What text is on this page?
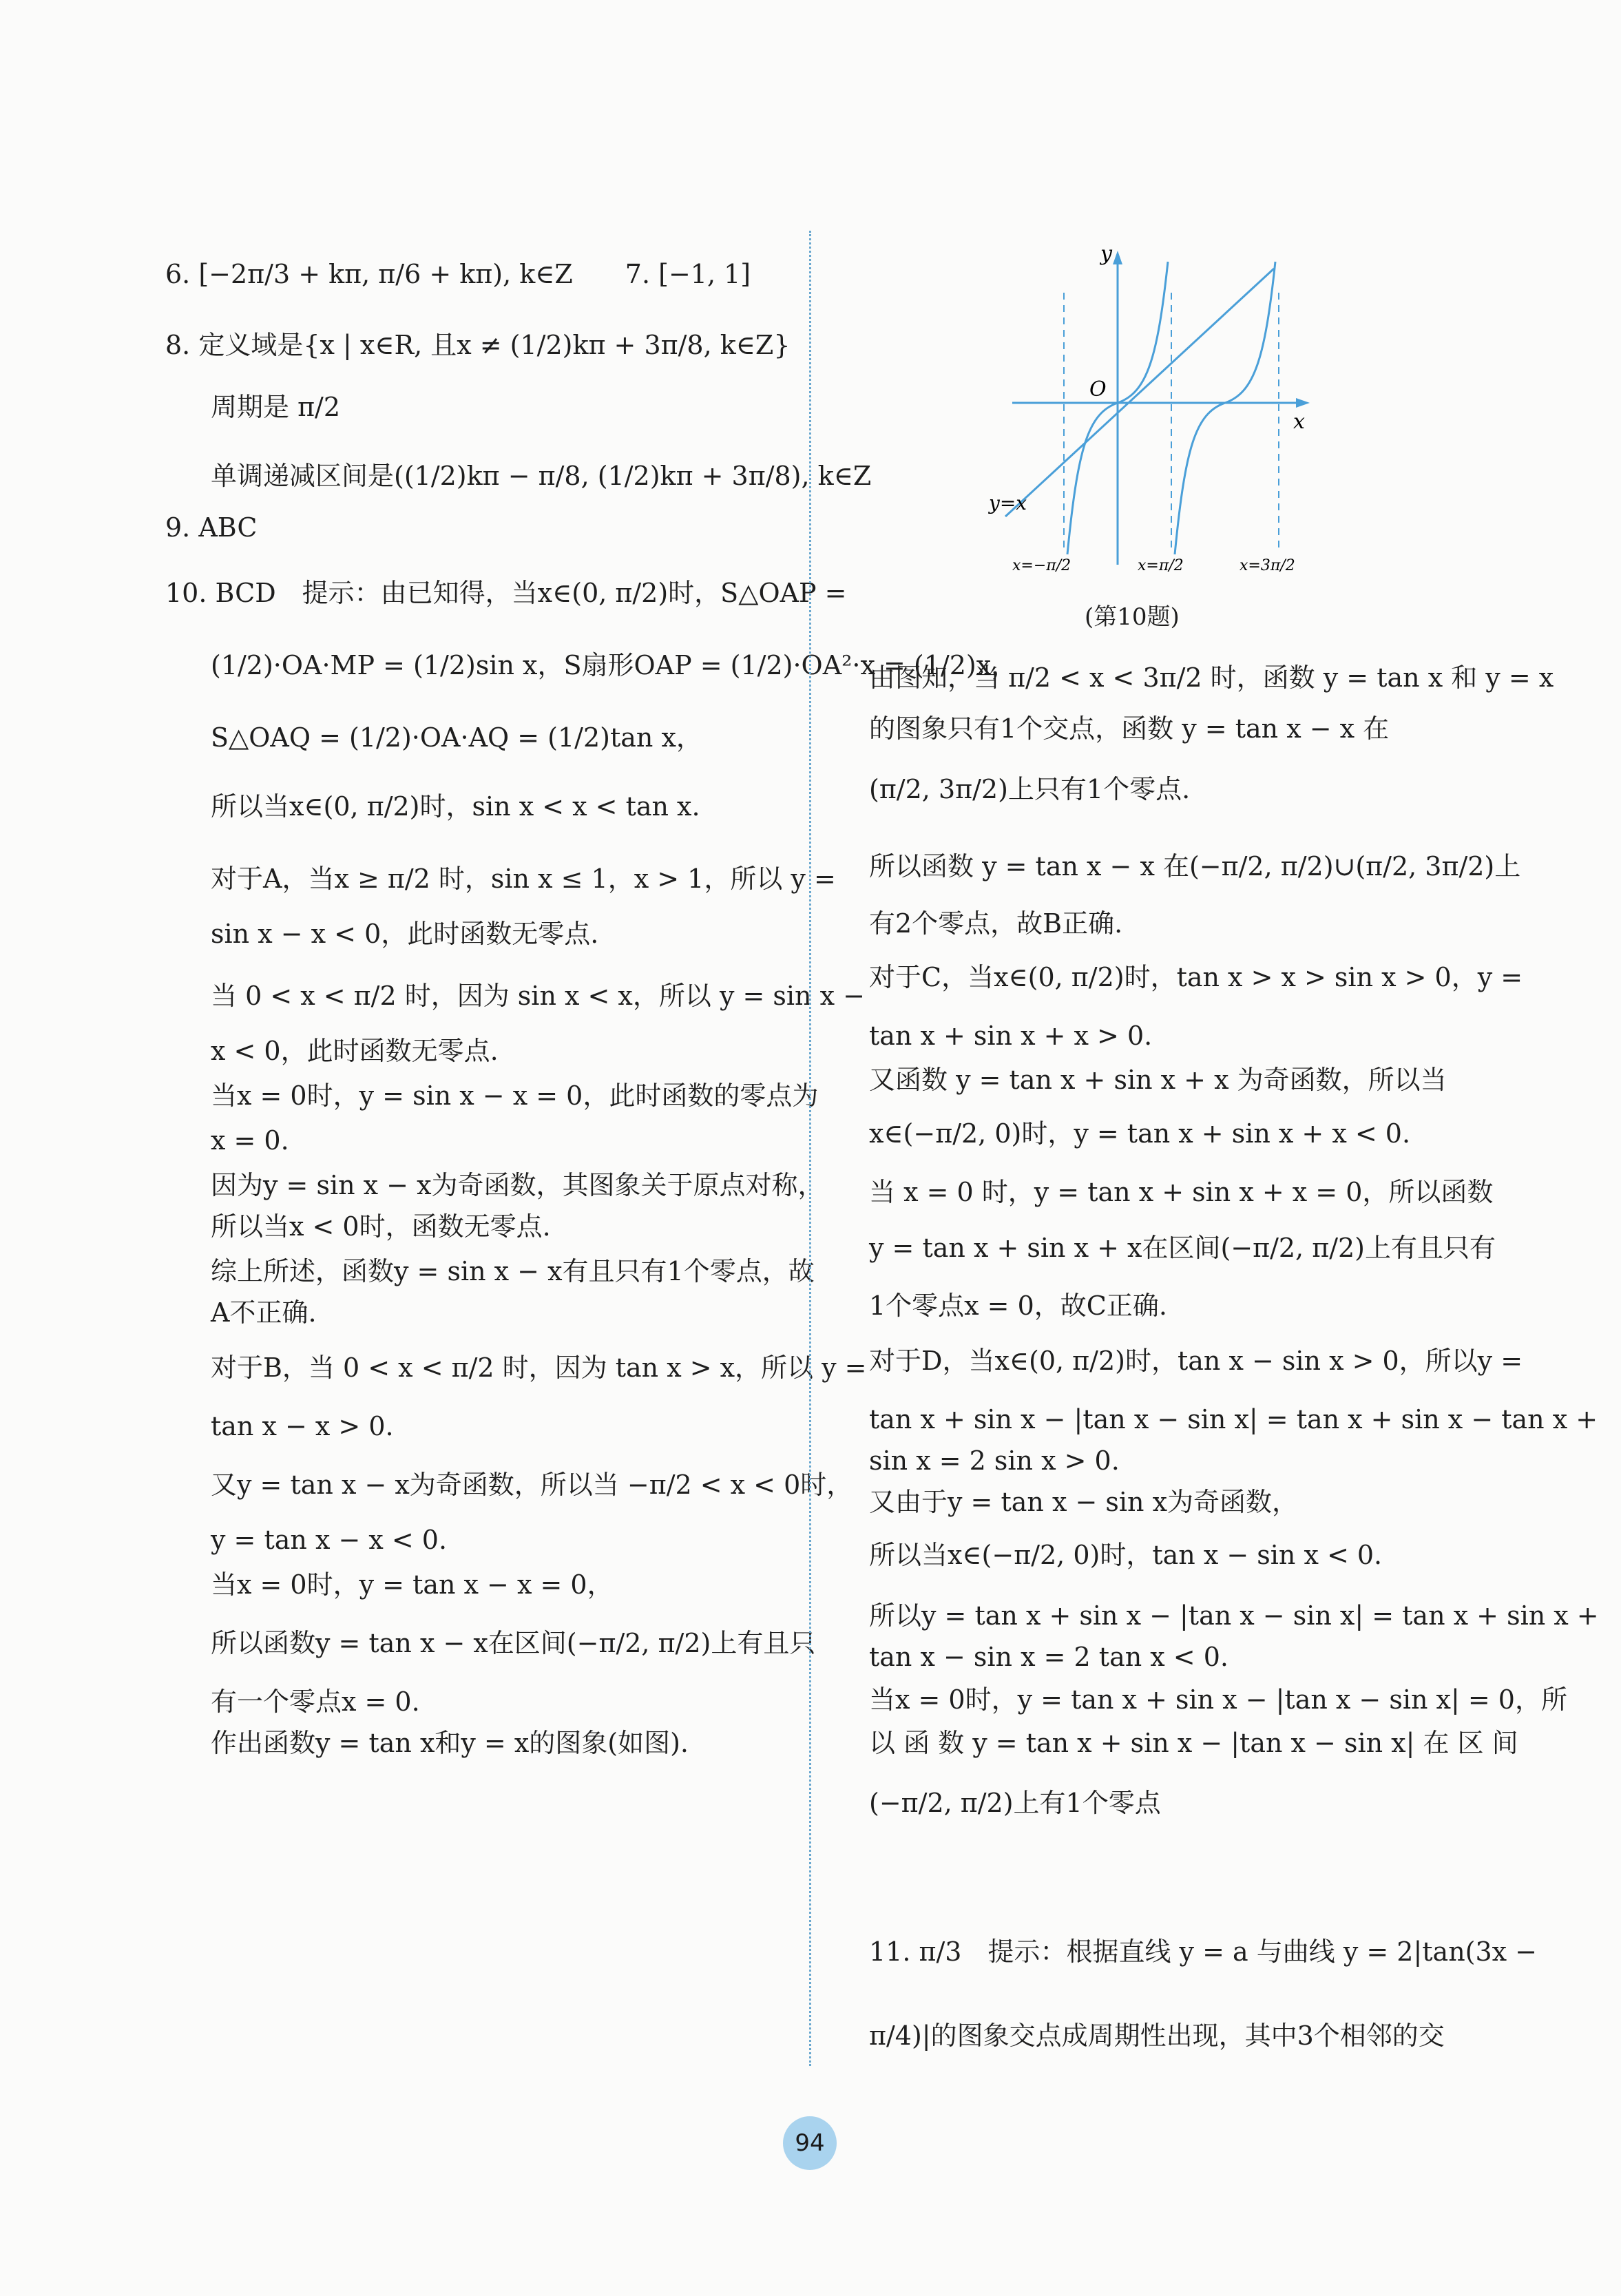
6. [−2π/3 + kπ, π/6 + kπ), k∈Z  7. [−1, 1]
8. 定义域是{x | x∈R, 且x ≠ (1/2)kπ + 3π/8, k∈Z}
周期是 π/2
单调递减区间是((1/2)kπ − π/8, (1/2)kπ + 3π/8), k∈Z
9. ABC
10. BCD 提示：由已知得，当x∈(0, π/2)时，S△OAP =
(1/2)·OA·MP = (1/2)sin x，S扇形OAP = (1/2)·OA²·x = (1/2)x，
S△OAQ = (1/2)·OA·AQ = (1/2)tan x，
所以当x∈(0, π/2)时，sin x < x < tan x.
对于A，当x ≥ π/2 时，sin x ≤ 1，x > 1，所以 y =
sin x − x < 0，此时函数无零点.
当 0 < x < π/2 时，因为 sin x < x，所以 y = sin x −
x < 0，此时函数无零点.
当x = 0时，y = sin x − x = 0，此时函数的零点为
x = 0.
因为y = sin x − x为奇函数，其图象关于原点对称，
所以当x < 0时，函数无零点.
综上所述，函数y = sin x − x有且只有1个零点，故
A不正确.
对于B，当 0 < x < π/2 时，因为 tan x > x，所以 y =
tan x − x > 0.
又y = tan x − x为奇函数，所以当 −π/2 < x < 0时，
y = tan x − x < 0.
当x = 0时，y = tan x − x = 0，
所以函数y = tan x − x在区间(−π/2, π/2)上有且只
有一个零点x = 0.
作出函数y = tan x和y = x的图象(如图).
y
x
O
y=x
x=−π/2	x=π/2	x=3π/2
(第10题)
由图知，当 π/2 < x < 3π/2 时，函数 y = tan x 和 y = x
的图象只有1个交点，函数 y = tan x − x 在
(π/2, 3π/2)上只有1个零点.
所以函数 y = tan x − x 在(−π/2, π/2)∪(π/2, 3π/2)上
有2个零点，故B正确.
对于C，当x∈(0, π/2)时，tan x > x > sin x > 0，y =
tan x + sin x + x > 0.
又函数 y = tan x + sin x + x 为奇函数，所以当
x∈(−π/2, 0)时，y = tan x + sin x + x < 0.
当 x = 0 时，y = tan x + sin x + x = 0，所以函数
y = tan x + sin x + x在区间(−π/2, π/2)上有且只有
1个零点x = 0，故C正确.
对于D，当x∈(0, π/2)时，tan x − sin x > 0，所以y =
tan x + sin x − |tan x − sin x| = tan x + sin x − tan x +
sin x = 2 sin x > 0.
又由于y = tan x − sin x为奇函数，
所以当x∈(−π/2, 0)时，tan x − sin x < 0.
所以y = tan x + sin x − |tan x − sin x| = tan x + sin x +
tan x − sin x = 2 tan x < 0.
当x = 0时，y = tan x + sin x − |tan x − sin x| = 0，所
以 函 数 y = tan x + sin x − |tan x − sin x| 在 区 间
(−π/2, π/2)上有1个零点
11. π/3 提示：根据直线 y = a 与曲线 y = 2|tan(3x −
π/4)|的图象交点成周期性出现，其中3个相邻的交
94
